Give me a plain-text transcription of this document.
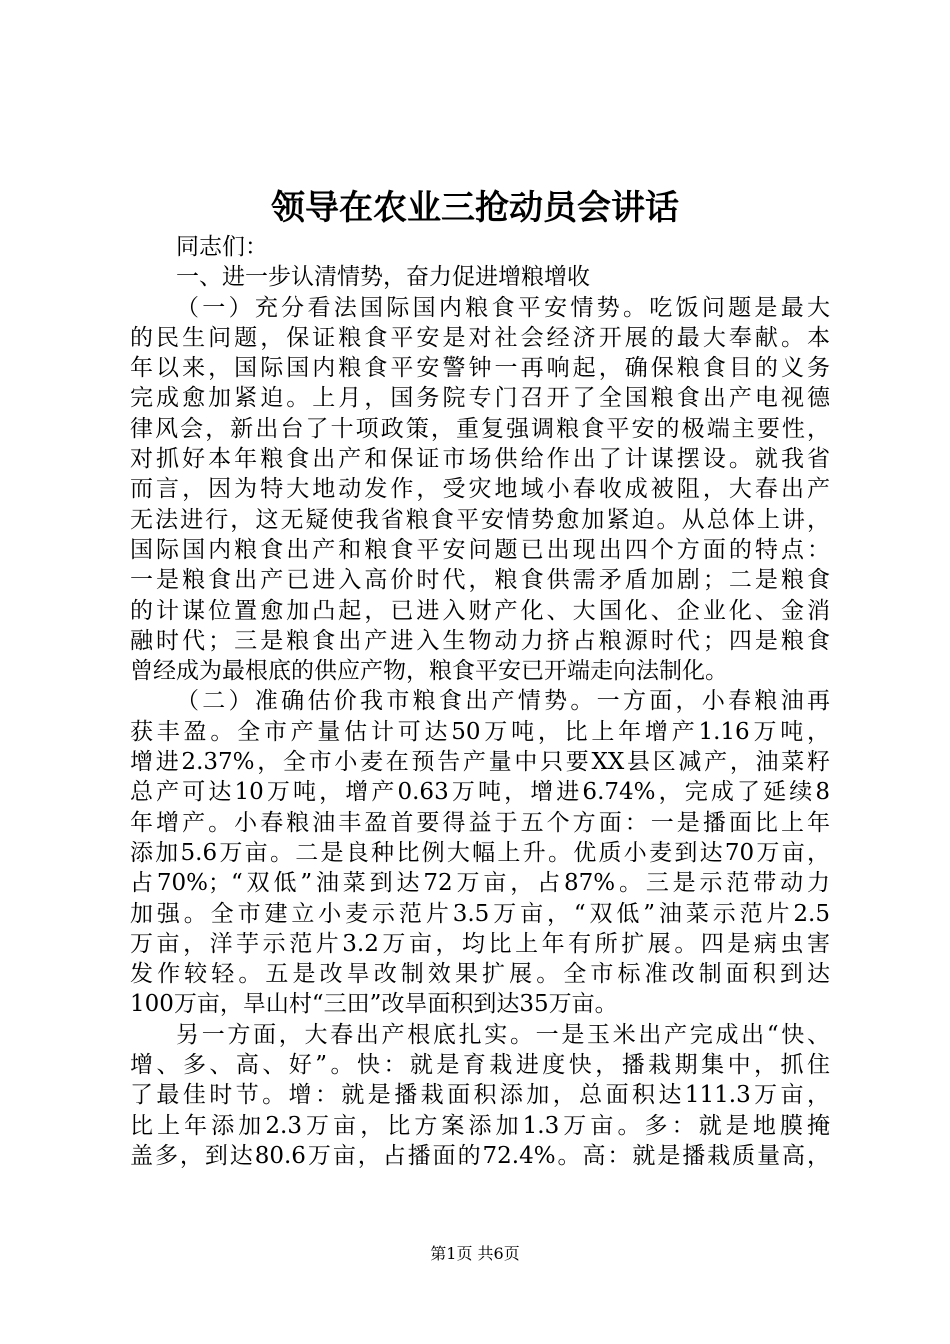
领导在农业三抢动员会讲话
同志们：
一、进一步认清情势，奋力促进增粮增收
（一）充分看法国际国内粮食平安情势。吃饭问题是最大
的民生问题，保证粮食平安是对社会经济开展的最大奉献。本
年以来，国际国内粮食平安警钟一再响起，确保粮食目的义务
完成愈加紧迫。上月，国务院专门召开了全国粮食出产电视德
律风会，新出台了十项政策，重复强调粮食平安的极端主要性，
对抓好本年粮食出产和保证市场供给作出了计谋摆设。就我省
而言，因为特大地动发作，受灾地域小春收成被阻，大春出产
无法进行，这无疑使我省粮食平安情势愈加紧迫。从总体上讲，
国际国内粮食出产和粮食平安问题已出现出四个方面的特点：
一是粮食出产已进入高价时代，粮食供需矛盾加剧；二是粮食
的计谋位置愈加凸起，已进入财产化、大国化、企业化、金消
融时代；三是粮食出产进入生物动力挤占粮源时代；四是粮食
曾经成为最根底的供应产物，粮食平安已开端走向法制化。
（二）准确估价我市粮食出产情势。一方面，小春粮油再
获丰盈。全市产量估计可达50万吨，比上年增产1.16万吨，
增进2.37%，全市小麦在预告产量中只要XX县区减产，油菜籽
总产可达10万吨，增产0.63万吨，增进6.74%，完成了延续8
年增产。小春粮油丰盈首要得益于五个方面：一是播面比上年
添加5.6万亩。二是良种比例大幅上升。优质小麦到达70万亩，
占70%；“双低”油菜到达72万亩，占87%。三是示范带动力
加强。全市建立小麦示范片3.5万亩，“双低”油菜示范片2.5
万亩，洋芋示范片3.2万亩，均比上年有所扩展。四是病虫害
发作较轻。五是改旱改制效果扩展。全市标准改制面积到达
100万亩，旱山村“三田”改旱面积到达35万亩。
另一方面，大春出产根底扎实。一是玉米出产完成出“快、
增、多、高、好”。快：就是育栽进度快，播栽期集中，抓住
了最佳时节。增：就是播栽面积添加，总面积达111.3万亩，
比上年添加2.3万亩，比方案添加1.3万亩。多：就是地膜掩
盖多，到达80.6万亩，占播面的72.4%。高：就是播栽质量高，
第1页 共6页
